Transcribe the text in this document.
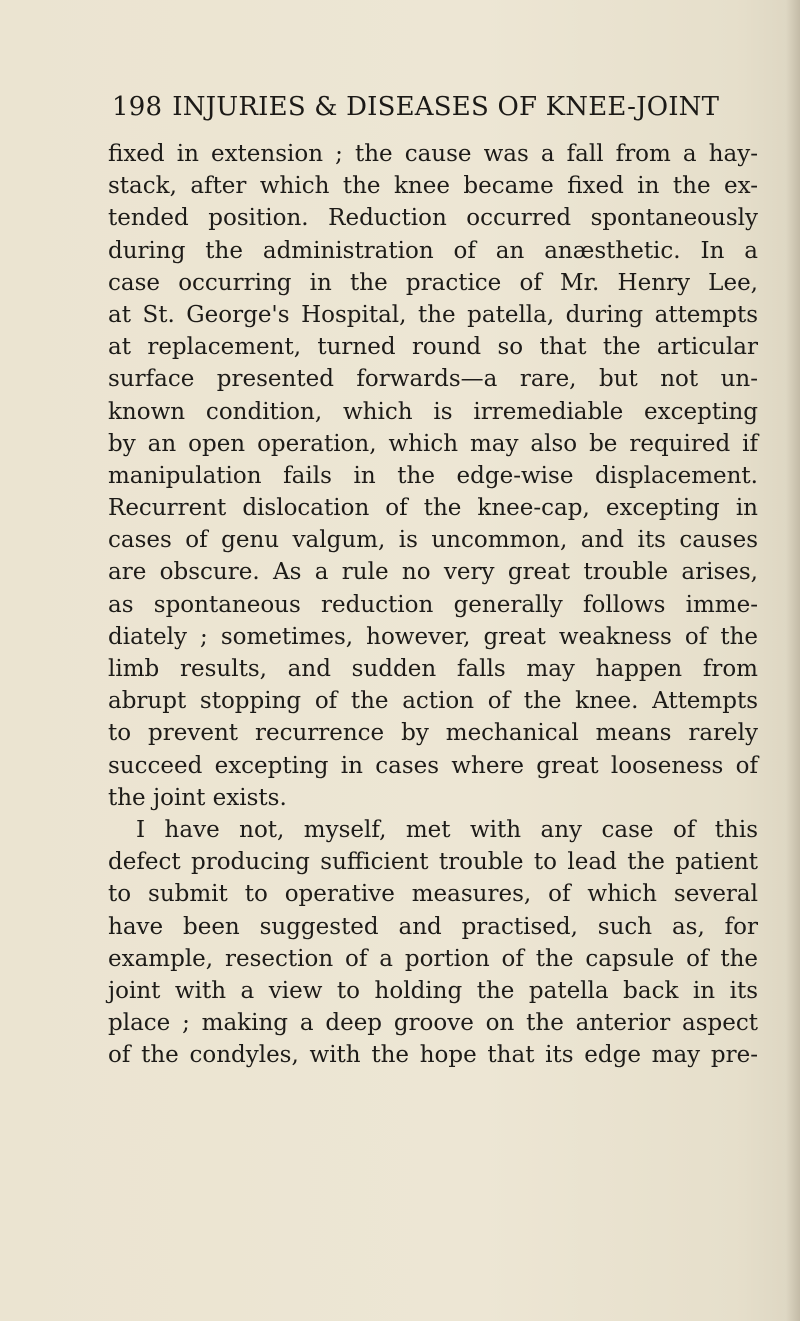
198 INJURIES & DISEASES OF KNEE-JOINT
fixed in extension ; the cause was a fall from a hay-
stack, after which the knee became fixed in the ex-
tended position. Reduction occurred spontaneously
during the administration of an anæsthetic. In a
case occurring in the practice of Mr. Henry Lee,
at St. George's Hospital, the patella, during attempts
at replacement, turned round so that the articular
surface presented forwards—a rare, but not un-
known condition, which is irremediable excepting
by an open operation, which may also be required if
manipulation fails in the edge-wise displacement.
Recurrent dislocation of the knee-cap, excepting in
cases of genu valgum, is uncommon, and its causes
are obscure. As a rule no very great trouble arises,
as spontaneous reduction generally follows imme-
diately ; sometimes, however, great weakness of the
limb results, and sudden falls may happen from
abrupt stopping of the action of the knee. Attempts
to prevent recurrence by mechanical means rarely
succeed excepting in cases where great looseness of
the joint exists.
I have not, myself, met with any case of this
defect producing sufficient trouble to lead the patient
to submit to operative measures, of which several
have been suggested and practised, such as, for
example, resection of a portion of the capsule of the
joint with a view to holding the patella back in its
place ; making a deep groove on the anterior aspect
of the condyles, with the hope that its edge may pre-
